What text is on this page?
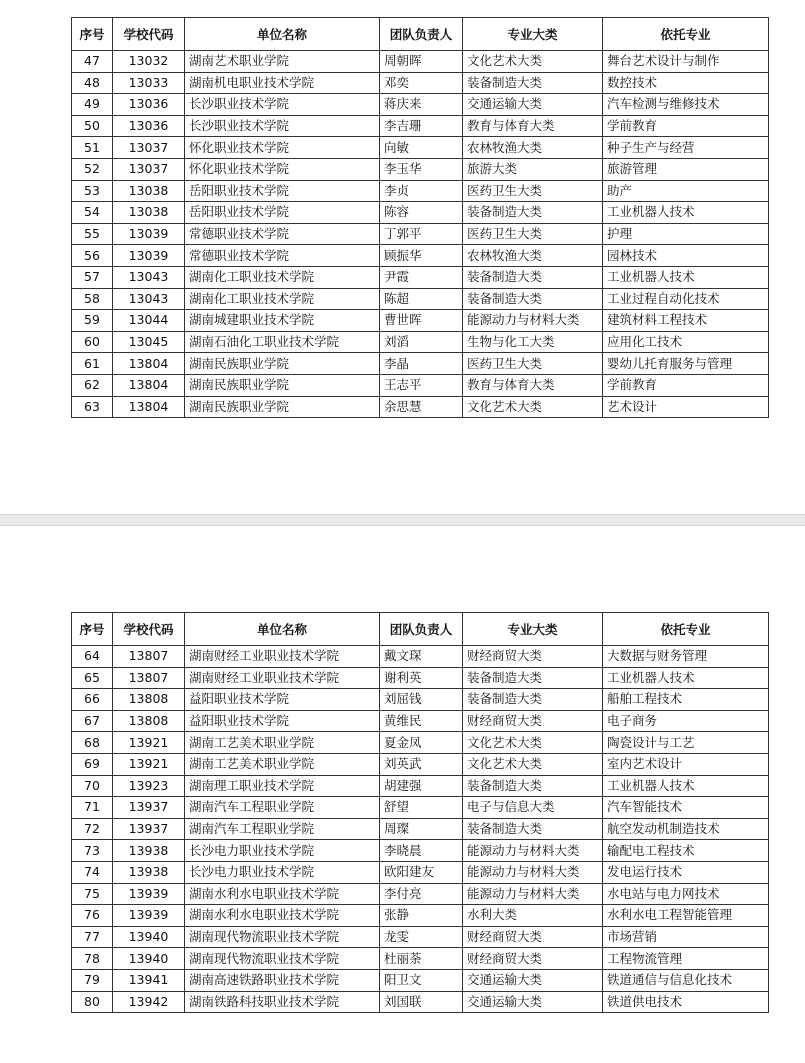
序号	学校代码	单位名称	团队负责人	专业大类	依托专业
47	13032	湖南艺术职业学院	周朝晖	文化艺术大类	舞台艺术设计与制作
48	13033	湖南机电职业技术学院	邓奕	装备制造大类	数控技术
49	13036	长沙职业技术学院	蒋庆来	交通运输大类	汽车检测与维修技术
50	13036	长沙职业技术学院	李吉珊	教育与体育大类	学前教育
51	13037	怀化职业技术学院	向敏	农林牧渔大类	种子生产与经营
52	13037	怀化职业技术学院	李玉华	旅游大类	旅游管理
53	13038	岳阳职业技术学院	李贞	医药卫生大类	助产
54	13038	岳阳职业技术学院	陈容	装备制造大类	工业机器人技术
55	13039	常德职业技术学院	丁郭平	医药卫生大类	护理
56	13039	常德职业技术学院	顾振华	农林牧渔大类	园林技术
57	13043	湖南化工职业技术学院	尹霞	装备制造大类	工业机器人技术
58	13043	湖南化工职业技术学院	陈超	装备制造大类	工业过程自动化技术
59	13044	湖南城建职业技术学院	曹世晖	能源动力与材料大类	建筑材料工程技术
60	13045	湖南石油化工职业技术学院	刘滔	生物与化工大类	应用化工技术
61	13804	湖南民族职业学院	李晶	医药卫生大类	婴幼儿托育服务与管理
62	13804	湖南民族职业学院	王志平	教育与体育大类	学前教育
63	13804	湖南民族职业学院	余思慧	文化艺术大类	艺术设计
序号	学校代码	单位名称	团队负责人	专业大类	依托专业
64	13807	湖南财经工业职业技术学院	戴文琛	财经商贸大类	大数据与财务管理
65	13807	湖南财经工业职业技术学院	谢利英	装备制造大类	工业机器人技术
66	13808	益阳职业技术学院	刘屈钱	装备制造大类	船舶工程技术
67	13808	益阳职业技术学院	黄维民	财经商贸大类	电子商务
68	13921	湖南工艺美术职业学院	夏金凤	文化艺术大类	陶瓷设计与工艺
69	13921	湖南工艺美术职业学院	刘英武	文化艺术大类	室内艺术设计
70	13923	湖南理工职业技术学院	胡建强	装备制造大类	工业机器人技术
71	13937	湖南汽车工程职业学院	舒望	电子与信息大类	汽车智能技术
72	13937	湖南汽车工程职业学院	周璨	装备制造大类	航空发动机制造技术
73	13938	长沙电力职业技术学院	李晓晨	能源动力与材料大类	输配电工程技术
74	13938	长沙电力职业技术学院	欧阳建友	能源动力与材料大类	发电运行技术
75	13939	湖南水利水电职业技术学院	李付亮	能源动力与材料大类	水电站与电力网技术
76	13939	湖南水利水电职业技术学院	张静	水利大类	水利水电工程智能管理
77	13940	湖南现代物流职业技术学院	龙雯	财经商贸大类	市场营销
78	13940	湖南现代物流职业技术学院	杜丽荼	财经商贸大类	工程物流管理
79	13941	湖南高速铁路职业技术学院	阳卫文	交通运输大类	铁道通信与信息化技术
80	13942	湖南铁路科技职业技术学院	刘国联	交通运输大类	铁道供电技术
